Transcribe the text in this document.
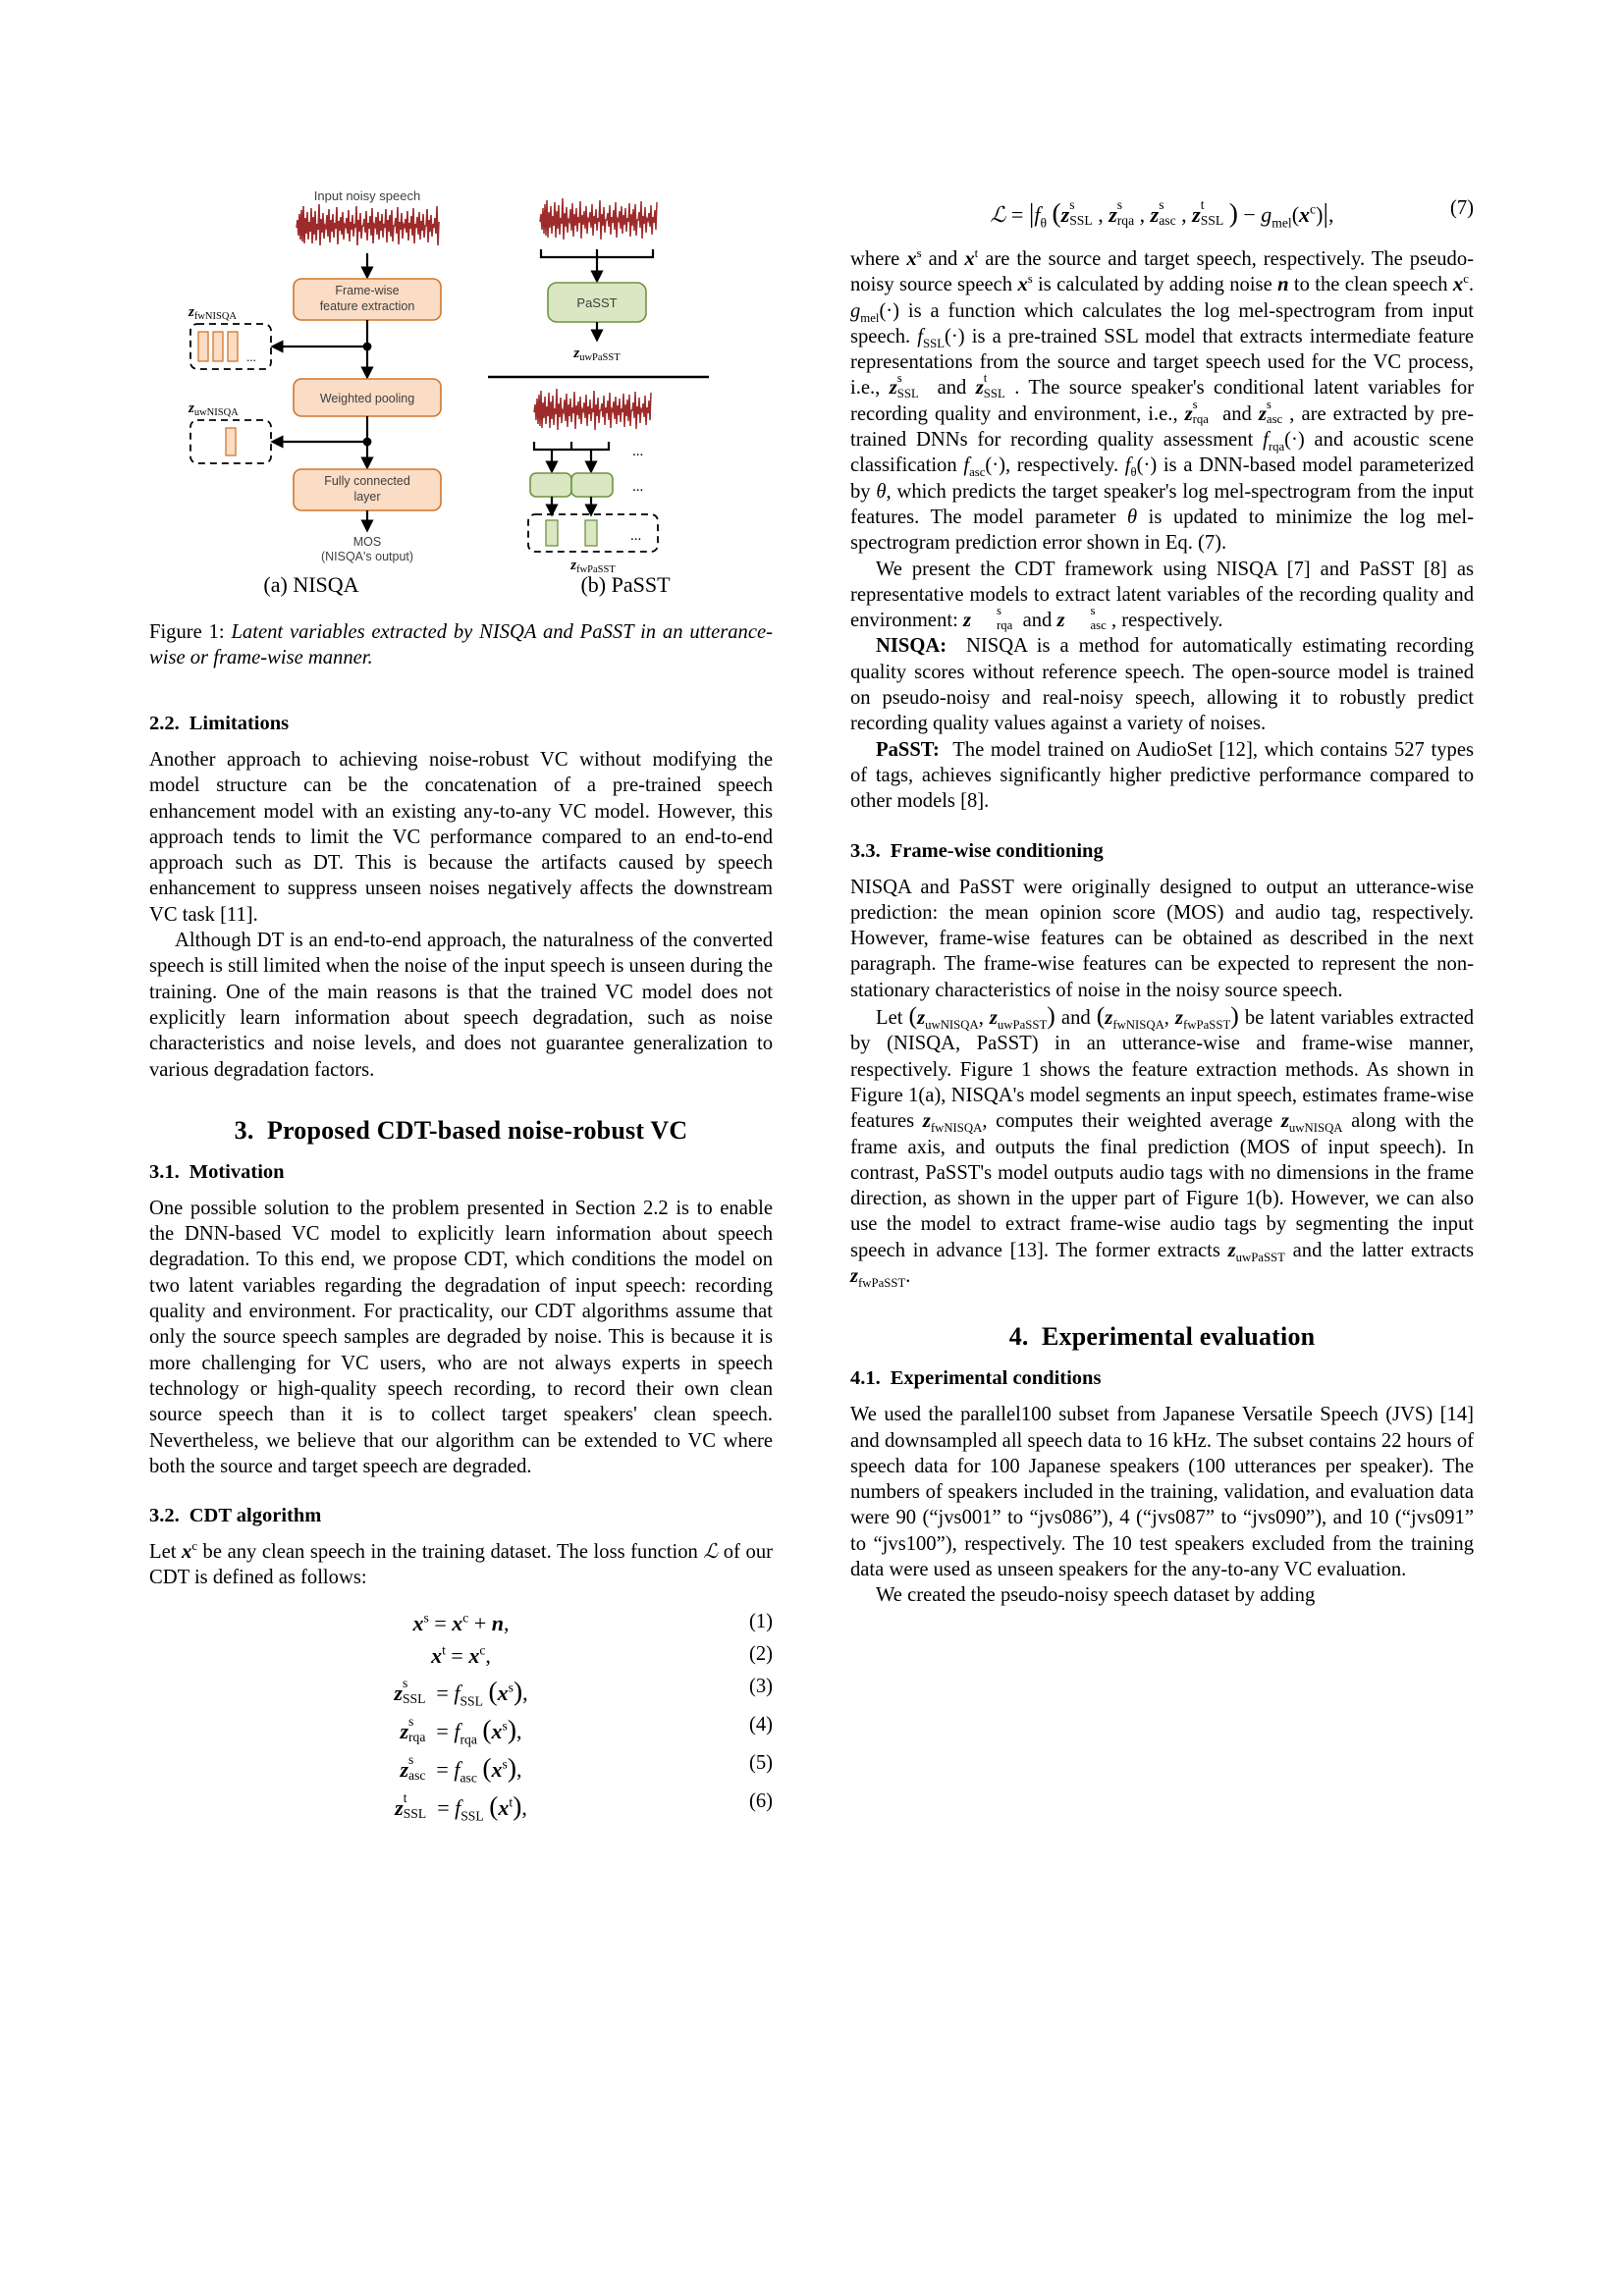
Input noisy speech
Frame-wise
feature extraction
...
$z_{fwNISQA}$
Weighted pooling
$z_{uwNISQA}$
Fully connected
layer
MOS
(NISQA's output)
PaSST
$z_{uwPaSST}$
...
...
...
$z_{fwPaSST}$
(a) NISQA	(b) PaSST
Figure 1: Latent variables extracted by NISQA and PaSST in an utterance-wise or frame-wise manner.
2.2. Limitations

Another approach to achieving noise-robust VC without modifying the model structure can be the concatenation of a pre-trained speech enhancement model with an existing any-to-any VC model. However, this approach tends to limit the VC performance compared to an end-to-end approach such as DT. This is because the artifacts caused by speech enhancement to suppress unseen noises negatively affects the downstream VC task [11].

Although DT is an end-to-end approach, the naturalness of the converted speech is still limited when the noise of the input speech is unseen during the training. One of the main reasons is that the trained VC model does not explicitly learn information about speech degradation, such as noise characteristics and noise levels, and does not guarantee generalization to various degradation factors.

3. Proposed CDT-based noise-robust VC
3.1. Motivation

One possible solution to the problem presented in Section 2.2 is to enable the DNN-based VC model to explicitly learn information about speech degradation. To this end, we propose CDT, which conditions the model on two latent variables regarding the degradation of input speech: recording quality and environment. For practicality, our CDT algorithms assume that only the source speech samples are degraded by noise. This is because it is more challenging for VC users, who are not always experts in speech technology or high-quality speech recording, to record their own clean source speech than it is to collect target speakers' clean speech. Nevertheless, we believe that our algorithm can be extended to VC where both the source and target speech are degraded.

3.2. CDT algorithm

Let $x^c$ be any clean speech in the training dataset. The loss function ℒ of our CDT is defined as follows:

$x^s = x^c + n$,	(1)
$x^t = x^c$,	(2)
z s
SSL = $f_{SSL}$ $(x^s)$,	(3)
z s
rqa = $f_{rqa}$ $(x^s)$,	(4)
z s
asc = $f_{asc}$ $(x^s)$,	(5)
z t
SSL = $f_{SSL}$ $(x^t)$,	(6)
ℒ = $|f_\theta$ (z s
SSL , z s
rqa , z s
asc , z t
SSL ) − $g_{mel}(x^c)|$,	(7)

where $x^s$ and $x^t$ are the source and target speech, respectively. The pseudo-noisy source speech $x^s$ is calculated by adding noise n to the clean speech $x^c$. $g_{mel}(\cdot)$ is a function which calculates the log mel-spectrogram from input speech. $f_{SSL}(\cdot)$ is a pre-trained SSL model that extracts intermediate feature representations from the source and target speech used for the VC process, i.e., z s
SSL and z t
SSL . The source speaker's conditional latent variables for recording quality and environment, i.e., z s
rqa and z s
asc , are extracted by pre-trained DNNs for recording quality assessment $f_{rqa}(\cdot)$ and acoustic scene classification $f_{asc}(\cdot)$, respectively. $f_\theta(\cdot)$ is a DNN-based model parameterized by θ, which predicts the target speaker's log mel-spectrogram from the input features. The model parameter θ is updated to minimize the log mel-spectrogram prediction error shown in Eq. (7).

We present the CDT framework using NISQA [7] and PaSST [8] as representative models to extract latent variables of the recording quality and environment: z	s
rqa and z	s
asc , respectively.

NISQA: NISQA is a method for automatically estimating recording quality scores without reference speech. The open-source model is trained on pseudo-noisy and real-noisy speech, allowing it to robustly predict recording quality values against a variety of noises.

PaSST: The model trained on AudioSet [12], which contains 527 types of tags, achieves significantly higher predictive performance compared to other models [8].

3.3. Frame-wise conditioning

NISQA and PaSST were originally designed to output an utterance-wise prediction: the mean opinion score (MOS) and audio tag, respectively. However, frame-wise features can be obtained as described in the next paragraph. The frame-wise features can be expected to represent the non-stationary characteristics of noise in the noisy source speech.

Let ($z_{uwNISQA}$, $z_{uwPaSST}$) and ($z_{fwNISQA}$, $z_{fwPaSST}$) be latent variables extracted by (NISQA, PaSST) in an utterance-wise and frame-wise manner, respectively. Figure 1 shows the feature extraction methods. As shown in Figure 1(a), NISQA's model segments an input speech, estimates frame-wise features $z_{fwNISQA}$, computes their weighted average $z_{uwNISQA}$ along with the frame axis, and outputs the final prediction (MOS of input speech). In contrast, PaSST's model outputs audio tags with no dimensions in the frame direction, as shown in the upper part of Figure 1(b). However, we can also use the model to extract frame-wise audio tags by segmenting the input speech in advance [13]. The former extracts $z_{uwPaSST}$ and the latter extracts $z_{fwPaSST}$.

4. Experimental evaluation
4.1. Experimental conditions

We used the parallel100 subset from Japanese Versatile Speech (JVS) [14] and downsampled all speech data to 16 kHz. The subset contains 22 hours of speech data for 100 Japanese speakers (100 utterances per speaker). The numbers of speakers included in the training, validation, and evaluation data were 90 (“jvs001” to “jvs086”), 4 (“jvs087” to “jvs090”), and 10 (“jvs091” to “jvs100”), respectively. The 10 test speakers excluded from the training data were used as unseen speakers for the any-to-any VC evaluation.

We created the pseudo-noisy speech dataset by adding
